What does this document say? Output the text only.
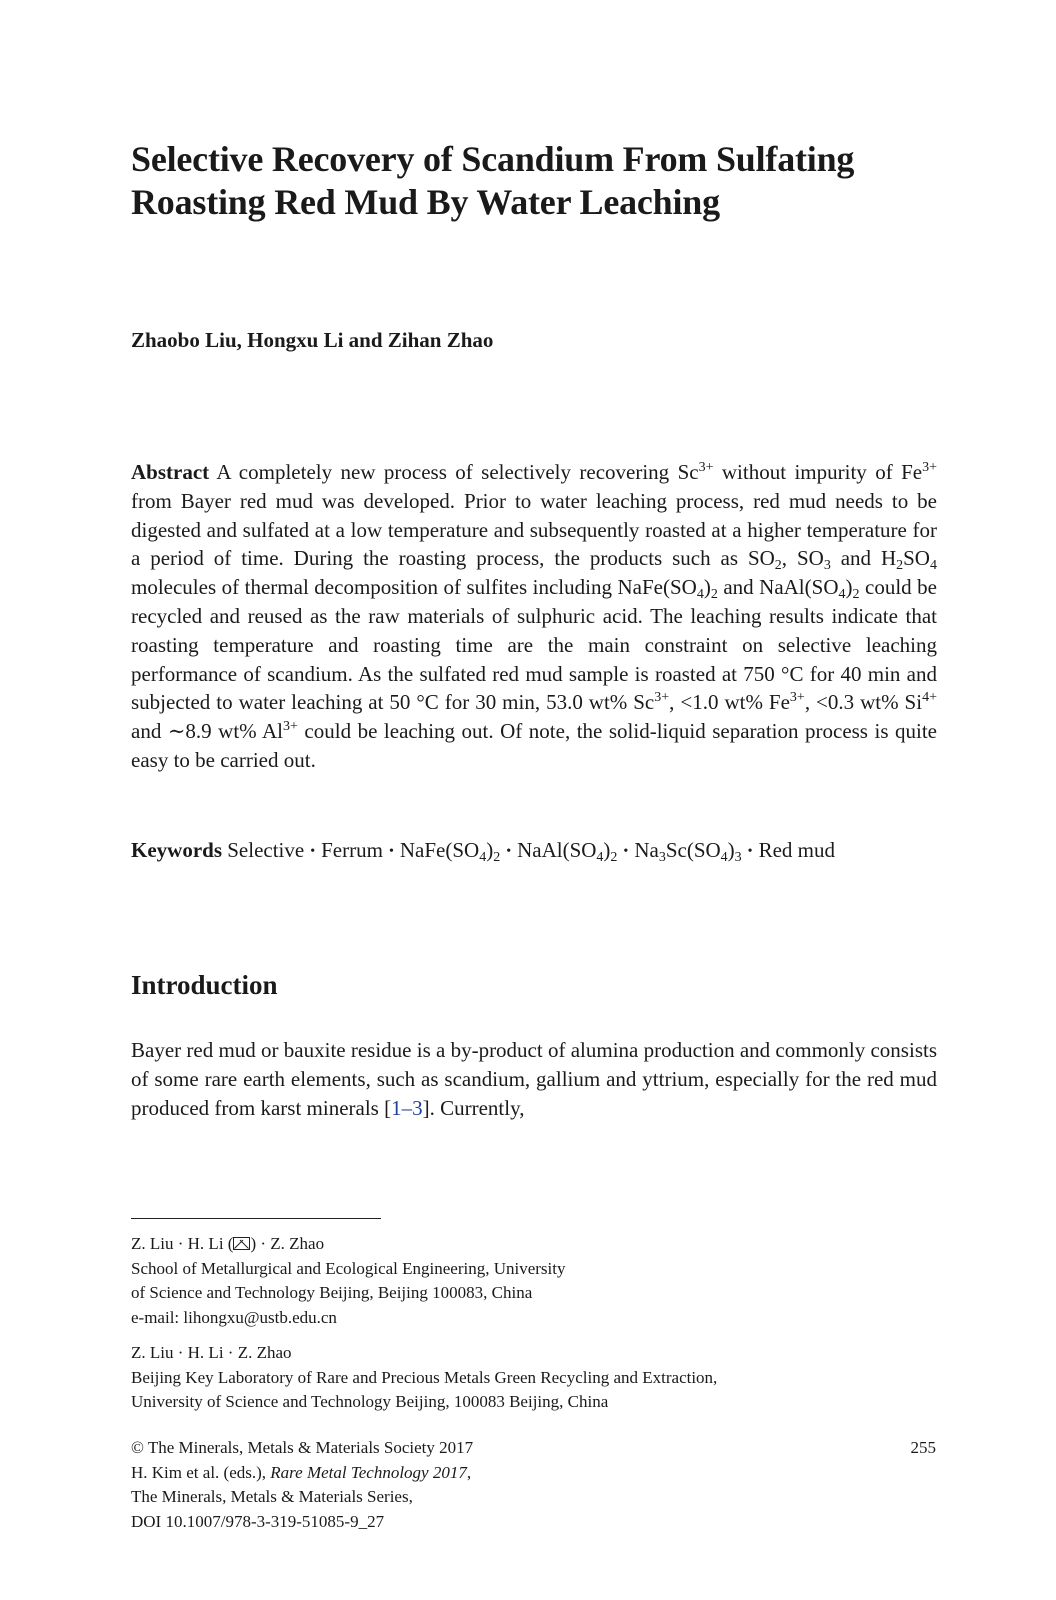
Selective Recovery of Scandium From Sulfating Roasting Red Mud By Water Leaching

Zhaobo Liu, Hongxu Li and Zihan Zhao

Abstract A completely new process of selectively recovering $Sc^{3+}$ without impurity of $Fe^{3+}$ from Bayer red mud was developed. Prior to water leaching process, red mud needs to be digested and sulfated at a low temperature and subsequently roasted at a higher temperature for a period of time. During the roasting process, the products such as $SO_2$, $SO_3$ and $H_2SO_4$ molecules of thermal decomposition of sulfites including $NaFe(SO_4)_2$ and $NaAl(SO_4)_2$ could be recycled and reused as the raw materials of sulphuric acid. The leaching results indicate that roasting temperature and roasting time are the main constraint on selective leaching performance of scandium. As the sulfated red mud sample is roasted at 750 °C for 40 min and subjected to water leaching at 50 °C for 30 min, 53.0 wt% $Sc^{3+}$, <1.0 wt% $Fe^{3+}$, <0.3 wt% $Si^{4+}$ and ∼8.9 wt% $Al^{3+}$ could be leaching out. Of note, the solid-liquid separation process is quite easy to be carried out.

Keywords Selective • Ferrum • $NaFe(SO_4)_2$ • $NaAl(SO_4)_2$ • $Na_3Sc(SO_4)_3$ • Red mud

Introduction

Bayer red mud or bauxite residue is a by-product of alumina production and commonly consists of some rare earth elements, such as scandium, gallium and yttrium, especially for the red mud produced from karst minerals [1–3]. Currently,

Z. Liu · H. Li ( ) · Z. Zhao
School of Metallurgical and Ecological Engineering, University
of Science and Technology Beijing, Beijing 100083, China
e-mail: lihongxu@ustb.edu.cn

Z. Liu · H. Li · Z. Zhao
Beijing Key Laboratory of Rare and Precious Metals Green Recycling and Extraction,
University of Science and Technology Beijing, 100083 Beijing, China

© The Minerals, Metals & Materials Society 2017
H. Kim et al. (eds.), Rare Metal Technology 2017,
The Minerals, Metals & Materials Series,
DOI 10.1007/978-3-319-51085-9_27

255
